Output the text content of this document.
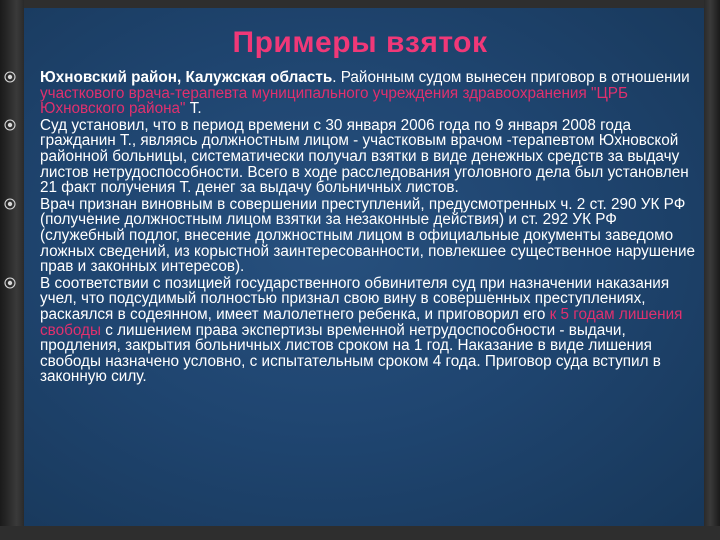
Примеры взяток
Юхновский район, Калужская область. Районным судом вынесен приговор в отношении участкового врача-терапевта муниципального учреждения здравоохранения "ЦРБ Юхновского района" Т.
Суд установил, что в период времени с 30 января 2006 года по 9 января 2008 года гражданин Т., являясь должностным лицом - участковым врачом -терапевтом Юхновской районной больницы, систематически получал взятки в виде денежных средств за выдачу листов нетрудоспособности. Всего в ходе расследования уголовного дела был установлен 21 факт получения Т. денег за выдачу больничных листов.
Врач признан виновным в совершении преступлений, предусмотренных ч. 2 ст. 290 УК РФ (получение должностным лицом взятки за незаконные действия) и ст. 292 УК РФ (служебный подлог, внесение должностным лицом в официальные документы заведомо ложных сведений, из корыстной заинтересованности, повлекшее существенное нарушение прав и законных интересов).
В соответствии с позицией государственного обвинителя суд при назначении наказания учел, что подсудимый полностью признал свою вину в совершенных преступлениях, раскаялся в содеянном, имеет малолетнего ребенка, и приговорил его к 5 годам лишения свободы с лишением права экспертизы временной нетрудоспособности - выдачи, продления, закрытия больничных листов сроком на 1 год. Наказание в виде лишения свободы назначено условно, с испытательным сроком 4 года. Приговор суда вступил в законную силу.
